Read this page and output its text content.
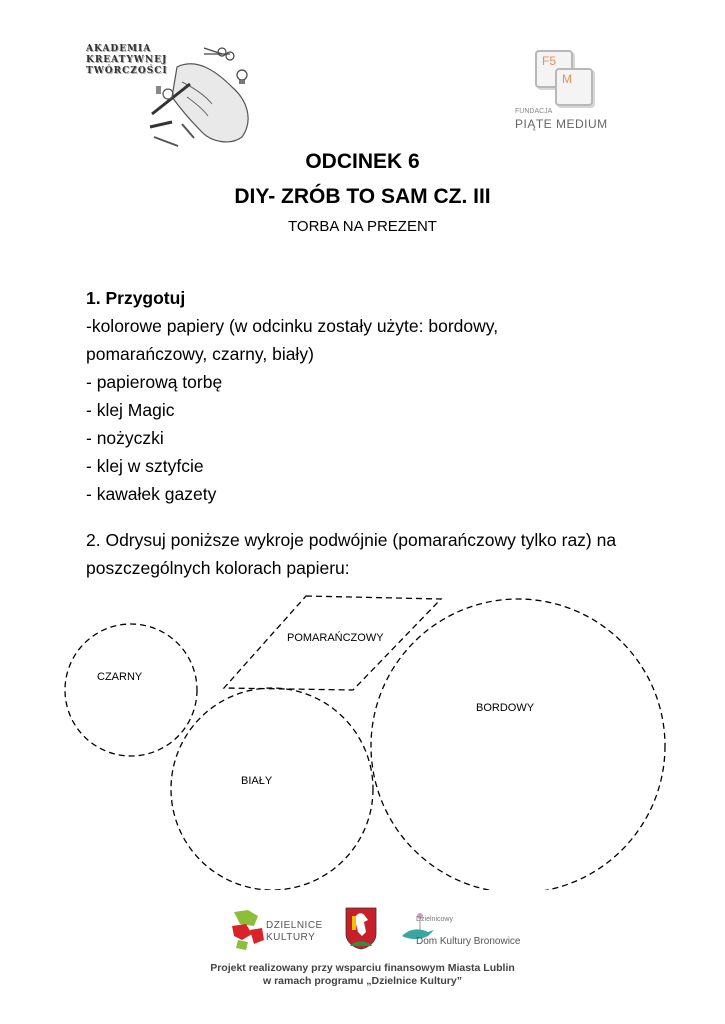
AKADEMIA
KREATYWNEJ
TWÓRCZOŚCI
F5
M
FUNDACJA
PIĄTE MEDIUM
ODCINEK 6
DIY- ZRÓB TO SAM CZ. III
TORBA NA PREZENT
1. Przygotuj
-kolorowe papiery (w odcinku zostały użyte: bordowy,
pomarańczowy, czarny, biały)
- papierową torbę
- klej Magic
- nożyczki
- klej w sztyfcie
- kawałek gazety
2. Odrysuj poniższe wykroje podwójnie (pomarańczowy tylko raz) na
poszczególnych kolorach papieru:
CZARNY
POMARAŃCZOWY
BORDOWY
BIAŁY
DZIELNICE
KULTURY
Dzielnicowy
Dom Kultury Bronowice
Projekt realizowany przy wsparciu finansowym Miasta Lublin
w ramach programu „Dzielnice Kultury”
